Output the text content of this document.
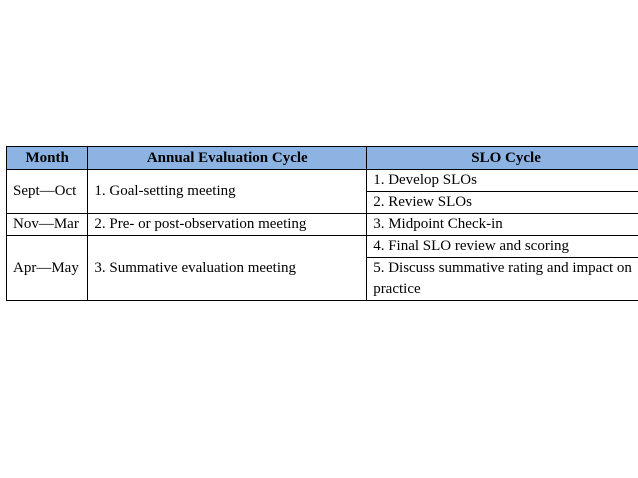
Month	Annual Evaluation Cycle	SLO Cycle
Sept—Oct	1. Goal-setting meeting	1. Develop SLOs
		2. Review SLOs
Nov—Mar	2. Pre- or post-observation meeting	3. Midpoint Check-in
Apr—May	3. Summative evaluation meeting	4. Final SLO review and scoring
		5. Discuss summative rating and impact on practice
